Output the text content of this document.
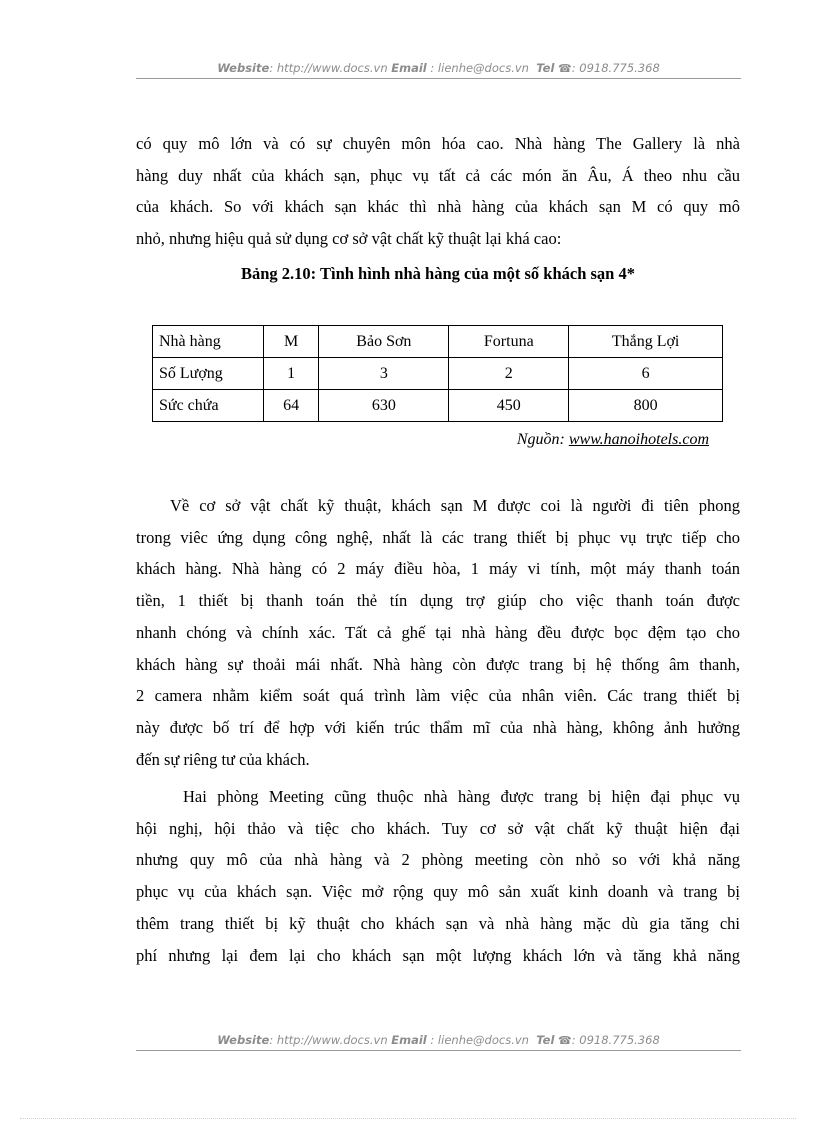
Website: http://www.docs.vn Email : lienhe@docs.vn Tel ☎: 0918.775.368
có quy mô lớn và có sự chuyên môn hóa cao. Nhà hàng The Gallery là nhà
hàng duy nhất của khách sạn, phục vụ tất cả các món ăn Âu, Á theo nhu cầu
của khách. So với khách sạn khác thì nhà hàng của khách sạn M có quy mô
nhỏ, nhưng hiệu quả sử dụng cơ sở vật chất kỹ thuật lại khá cao:

Bảng 2.10: Tình hình nhà hàng của một số khách sạn 4*

Nhà hàng	M	Bảo Sơn	Fortuna	Thắng Lợi
Số Lượng	1	3	2	6
Sức chứa	64	630	450	800
Nguồn: www.hanoihotels.com
Về cơ sở vật chất kỹ thuật, khách sạn M được coi là người đi tiên phong
trong viêc ứng dụng công nghệ, nhất là các trang thiết bị phục vụ trực tiếp cho
khách hàng. Nhà hàng có 2 máy điều hòa, 1 máy vi tính, một máy thanh toán
tiền, 1 thiết bị thanh toán thẻ tín dụng trợ giúp cho việc thanh toán được
nhanh chóng và chính xác. Tất cả ghế tại nhà hàng đều được bọc đệm tạo cho
khách hàng sự thoải mái nhất. Nhà hàng còn được trang bị hệ thống âm thanh,
2 camera nhằm kiểm soát quá trình làm việc của nhân viên. Các trang thiết bị
này được bố trí để hợp với kiến trúc thẩm mĩ của nhà hàng, không ảnh hưởng
đến sự riêng tư của khách.
Hai phòng Meeting cũng thuộc nhà hàng được trang bị hiện đại phục vụ
hội nghị, hội thảo và tiệc cho khách. Tuy cơ sở vật chất kỹ thuật hiện đại
nhưng quy mô của nhà hàng và 2 phòng meeting còn nhỏ so với khả năng
phục vụ của khách sạn. Việc mở rộng quy mô sản xuất kinh doanh và trang bị
thêm trang thiết bị kỹ thuật cho khách sạn và nhà hàng mặc dù gia tăng chi
phí nhưng lại đem lại cho khách sạn một lượng khách lớn và tăng khả năng
Website: http://www.docs.vn Email : lienhe@docs.vn Tel ☎: 0918.775.368
